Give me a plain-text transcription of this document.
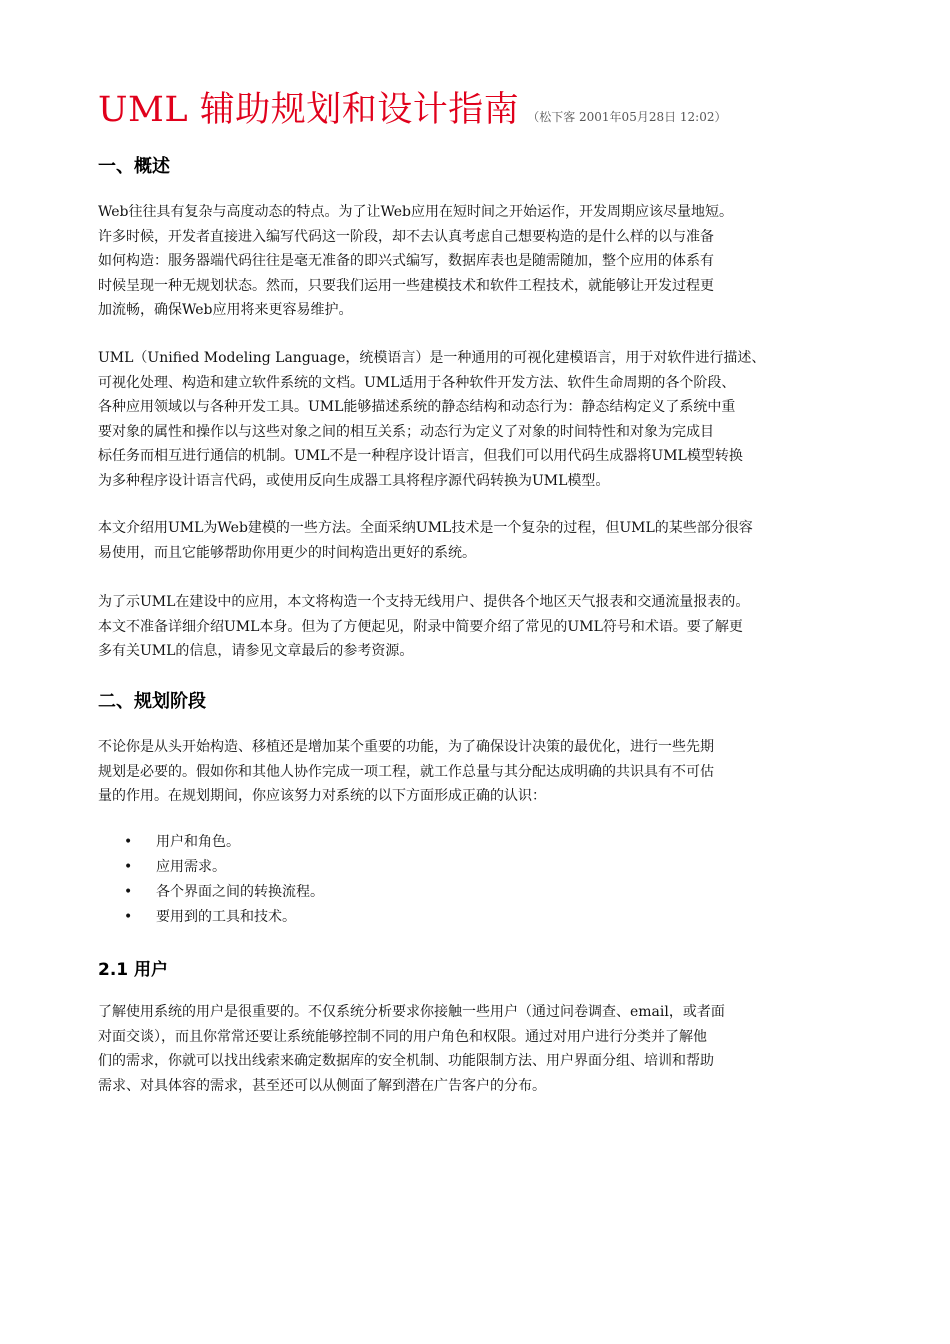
UML 辅助规划和设计指南 （松下客 2001年05月28日 12:02）
一、概述
Web往往具有复杂与高度动态的特点。为了让Web应用在短时间之开始运作，开发周期应该尽量地短。
许多时候，开发者直接进入编写代码这一阶段，却不去认真考虑自己想要构造的是什么样的以与准备
如何构造：服务器端代码往往是毫无准备的即兴式编写，数据库表也是随需随加，整个应用的体系有
时候呈现一种无规划状态。然而，只要我们运用一些建模技术和软件工程技术，就能够让开发过程更
加流畅，确保Web应用将来更容易维护。
UML（Unified Modeling Language，统模语言）是一种通用的可视化建模语言，用于对软件进行描述、
可视化处理、构造和建立软件系统的文档。UML适用于各种软件开发方法、软件生命周期的各个阶段、
各种应用领域以与各种开发工具。UML能够描述系统的静态结构和动态行为：静态结构定义了系统中重
要对象的属性和操作以与这些对象之间的相互关系；动态行为定义了对象的时间特性和对象为完成目
标任务而相互进行通信的机制。UML不是一种程序设计语言，但我们可以用代码生成器将UML模型转换
为多种程序设计语言代码，或使用反向生成器工具将程序源代码转换为UML模型。
本文介绍用UML为Web建模的一些方法。全面采纳UML技术是一个复杂的过程，但UML的某些部分很容
易使用，而且它能够帮助你用更少的时间构造出更好的系统。
为了示UML在建设中的应用，本文将构造一个支持无线用户、提供各个地区天气报表和交通流量报表的。
本文不准备详细介绍UML本身。但为了方便起见，附录中简要介绍了常见的UML符号和术语。要了解更
多有关UML的信息，请参见文章最后的参考资源。
二、规划阶段
不论你是从头开始构造、移植还是增加某个重要的功能，为了确保设计决策的最优化，进行一些先期
规划是必要的。假如你和其他人协作完成一项工程，就工作总量与其分配达成明确的共识具有不可估
量的作用。在规划期间，你应该努力对系统的以下方面形成正确的认识：
• 用户和角色。
• 应用需求。
• 各个界面之间的转换流程。
• 要用到的工具和技术。
2.1 用户
了解使用系统的用户是很重要的。不仅系统分析要求你接触一些用户（通过问卷调查、email，或者面
对面交谈），而且你常常还要让系统能够控制不同的用户角色和权限。通过对用户进行分类并了解他
们的需求，你就可以找出线索来确定数据库的安全机制、功能限制方法、用户界面分组、培训和帮助
需求、对具体容的需求，甚至还可以从侧面了解到潜在广告客户的分布。
